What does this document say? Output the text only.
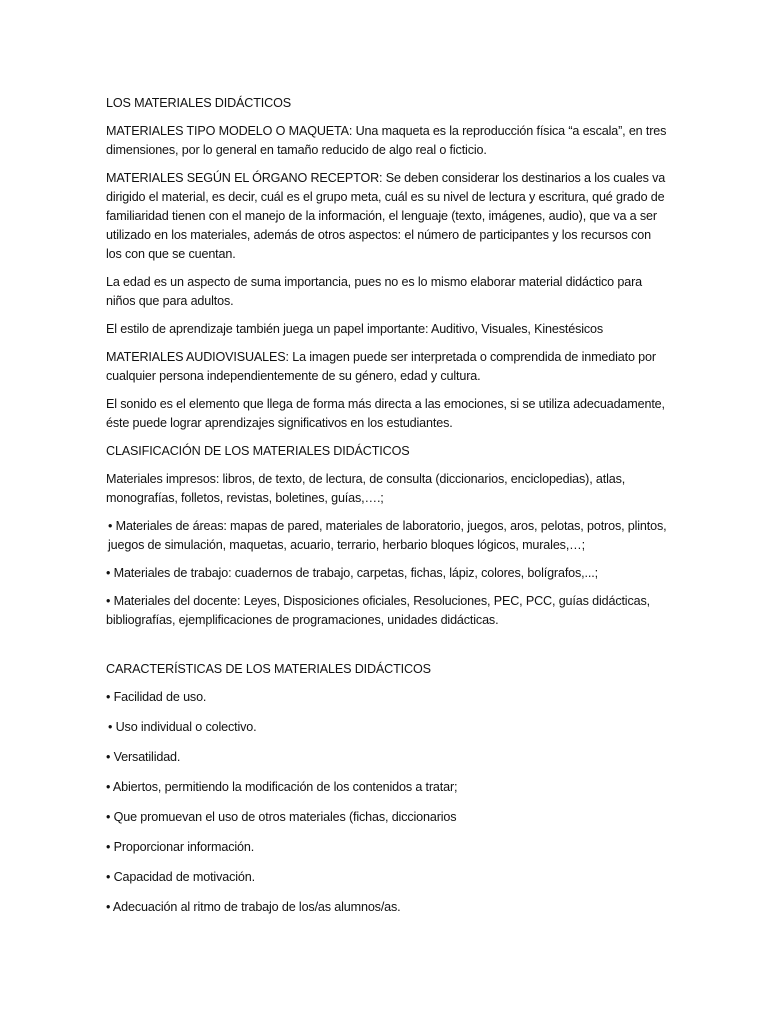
LOS MATERIALES DIDÁCTICOS

MATERIALES TIPO MODELO O MAQUETA: Una maqueta es la reproducción física “a escala”, en tres dimensiones, por lo general en tamaño reducido de algo real o ficticio.

MATERIALES SEGÚN EL ÓRGANO RECEPTOR: Se deben considerar los destinarios a los cuales va dirigido el material, es decir, cuál es el grupo meta, cuál es su nivel de lectura y escritura, qué grado de familiaridad tienen con el manejo de la información, el lenguaje (texto, imágenes, audio), que va a ser utilizado en los materiales, además de otros aspectos: el número de participantes y los recursos con los con que se cuentan.

La edad es un aspecto de suma importancia, pues no es lo mismo elaborar material didáctico para niños que para adultos.

El estilo de aprendizaje también juega un papel importante: Auditivo, Visuales, Kinestésicos

MATERIALES AUDIOVISUALES: La imagen puede ser interpretada o comprendida de inmediato por cualquier persona independientemente de su género, edad y cultura.

El sonido es el elemento que llega de forma más directa a las emociones, si se utiliza adecuadamente, éste puede lograr aprendizajes significativos en los estudiantes.

CLASIFICACIÓN DE LOS MATERIALES DIDÁCTICOS

Materiales impresos: libros, de texto, de lectura, de consulta (diccionarios, enciclopedias), atlas, monografías, folletos, revistas, boletines, guías,….;

• Materiales de áreas: mapas de pared, materiales de laboratorio, juegos, aros, pelotas, potros, plintos, juegos de simulación, maquetas, acuario, terrario, herbario bloques lógicos, murales,…;

• Materiales de trabajo: cuadernos de trabajo, carpetas, fichas, lápiz, colores, bolígrafos,...;

• Materiales del docente: Leyes, Disposiciones oficiales, Resoluciones, PEC, PCC, guías didácticas, bibliografías, ejemplificaciones de programaciones, unidades didácticas.

CARACTERÍSTICAS DE LOS MATERIALES DIDÁCTICOS

• Facilidad de uso.

• Uso individual o colectivo.

• Versatilidad.

• Abiertos, permitiendo la modificación de los contenidos a tratar;

• Que promuevan el uso de otros materiales (fichas, diccionarios

• Proporcionar información.

• Capacidad de motivación.

• Adecuación al ritmo de trabajo de los/as alumnos/as.
